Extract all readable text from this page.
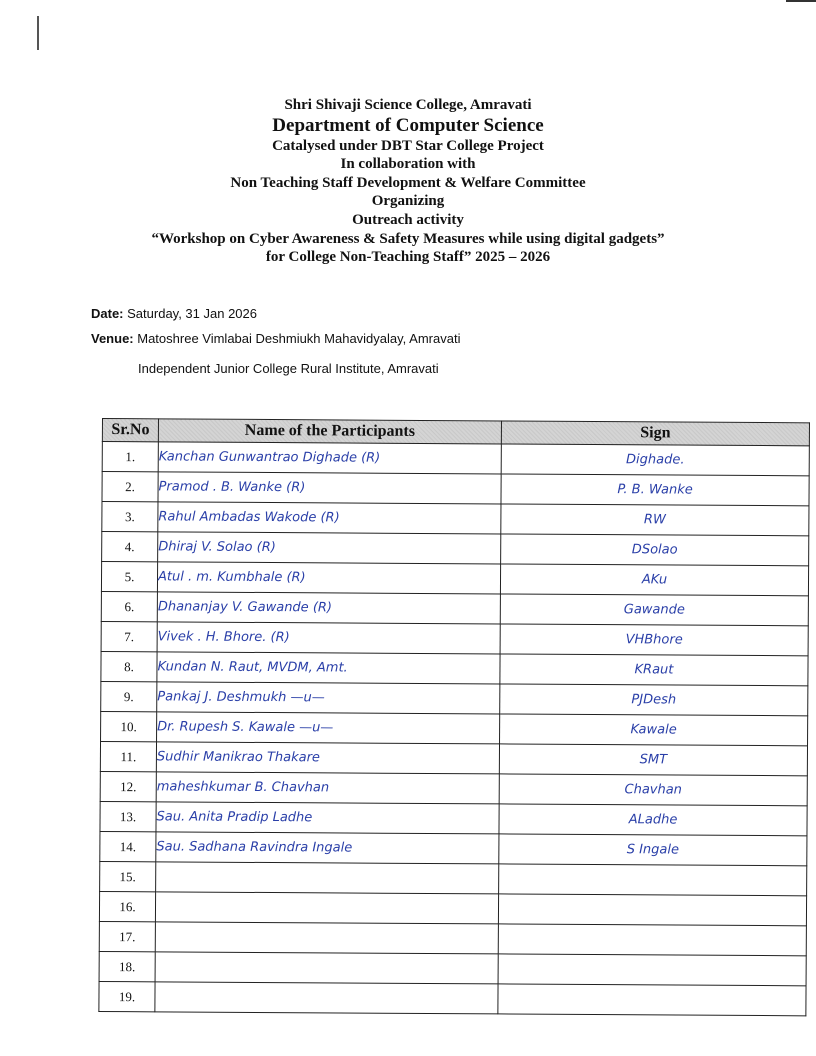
Shri Shivaji Science College, Amravati
Department of Computer Science
Catalysed under DBT Star College Project
In collaboration with
Non Teaching Staff Development & Welfare Committee
Organizing
Outreach activity
“Workshop on Cyber Awareness & Safety Measures while using digital gadgets”
for College Non-Teaching Staff” 2025 – 2026
Date: Saturday, 31 Jan 2026
Venue: Matoshree Vimlabai Deshmiukh Mahavidyalay, Amravati
Independent Junior College Rural Institute, Amravati
Sr.No	Name of the Participants	Sign
1.	Kanchan Gunwantrao Dighade (R)	Dighade.
2.	Pramod . B. Wanke (R)	P. B. Wanke
3.	Rahul Ambadas Wakode (R)	RW
4.	Dhiraj V. Solao (R)	DSolao
5.	Atul . m. Kumbhale (R)	AKu
6.	Dhananjay V. Gawande (R)	Gawande
7.	Vivek . H. Bhore. (R)	VHBhore
8.	Kundan N. Raut, MVDM, Amt.	KRaut
9.	Pankaj J. Deshmukh —u—	PJDesh
10.	Dr. Rupesh S. Kawale —u—	Kawale
11.	Sudhir Manikrao Thakare	SMT
12.	maheshkumar B. Chavhan	Chavhan
13.	Sau. Anita Pradip Ladhe	ALadhe
14.	Sau. Sadhana Ravindra Ingale	S Ingale
15.		
16.		
17.		
18.		
19.		
